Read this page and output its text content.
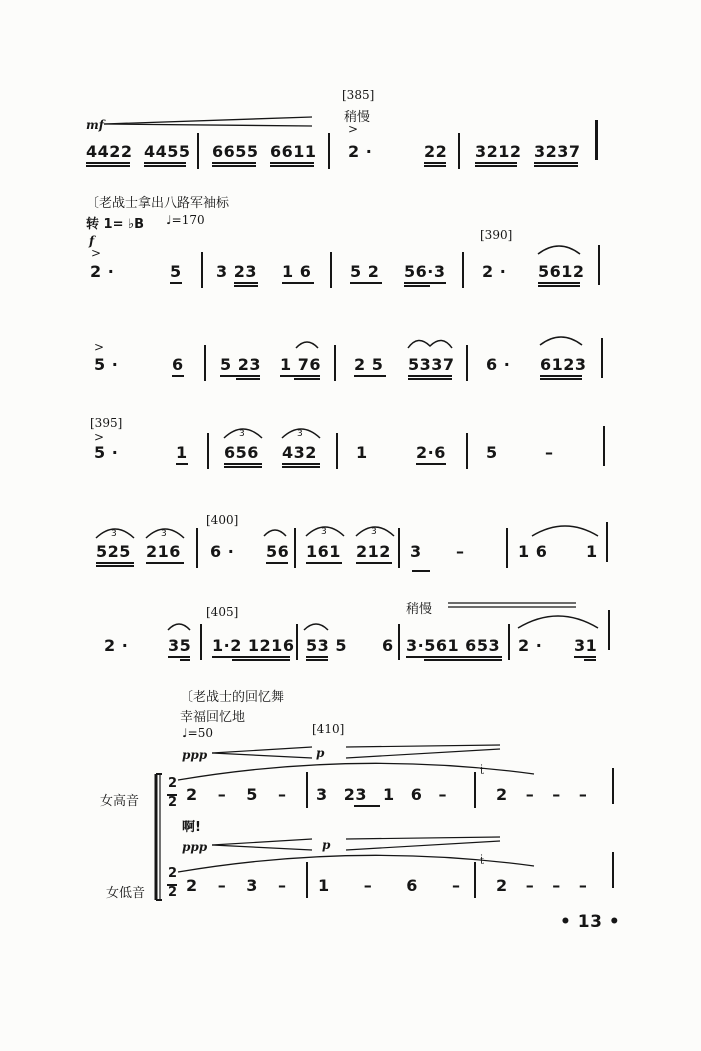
[385]
稍慢
>
mf
4422 4455 6655 6611 2 ·	22 3212 3237
〔老战士拿出八路军袖标
转 1= ♭B ♩=170
[390]
f
>
2 ·	5 3 23 1 6 5 2 56·3 2 · 5612
>
5 ·	6 5 23 1 76 2 5 5337 6 · 6123
[395]
>
5 ·	1 656
3
432
3
1	2·6	5	–
[400]
525
3
216
3
6 · 56 161
3
212
3
3 –	1 6 1
[405]	稍慢
2 · 35 1·2 1216 53 5 6 3·561 653 2 · 31
〔老战士的回忆舞
幸福回忆地
♩=50	[410]
ppp	p
女高音
2
2 2 – 5 – 3 23 1 6 –
ṫ
2 – – –
啊!
ppp	p
女低音
2
2 2 – 3 – 1 – 6 –
ṫ
2 – – –
• 13 •
